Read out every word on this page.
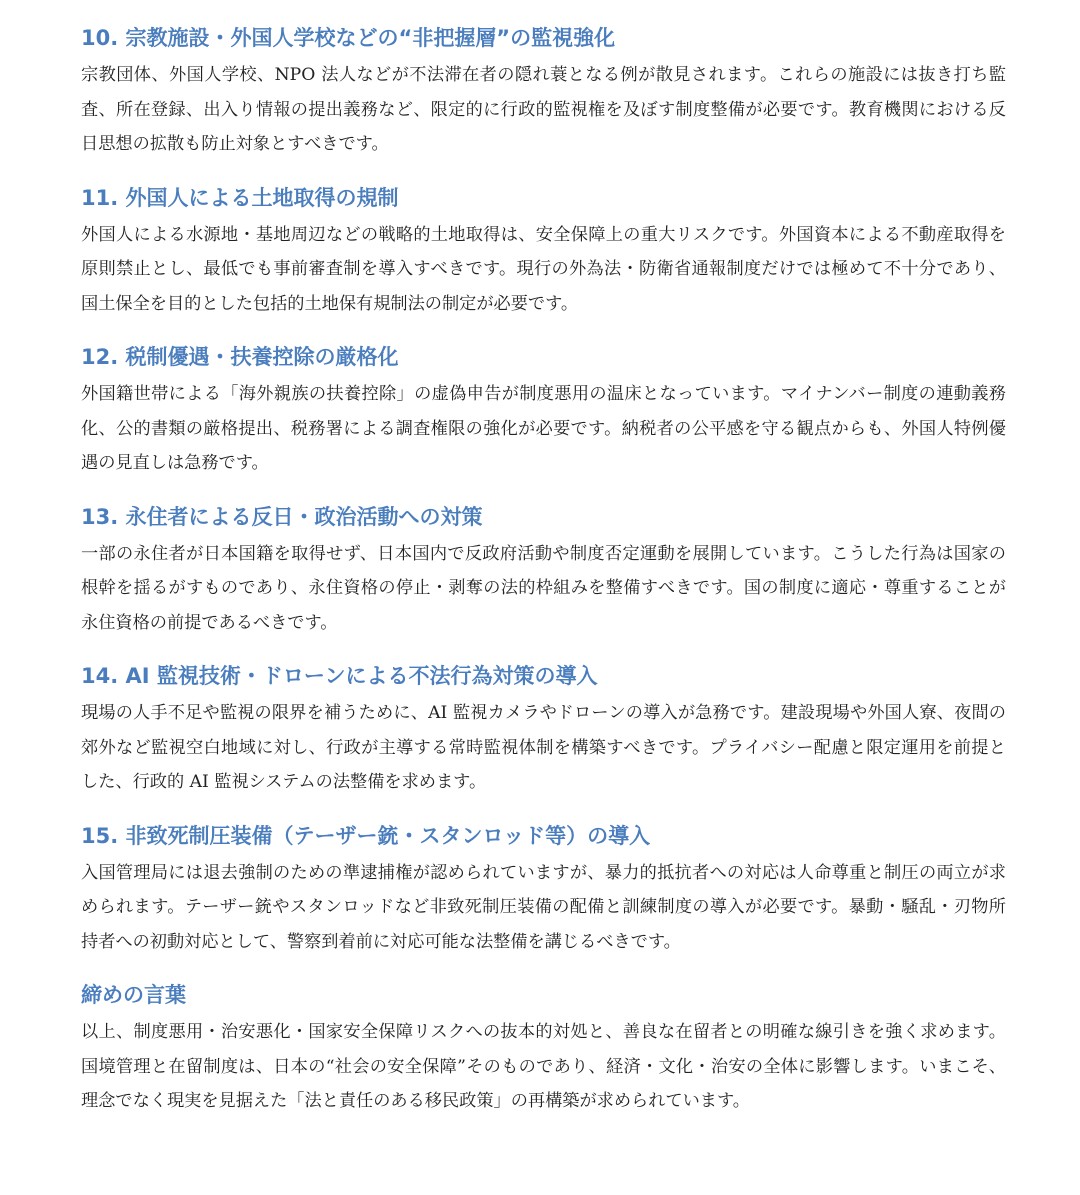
10. 宗教施設・外国人学校などの“非把握層”の監視強化

宗教団体、外国人学校、NPO 法人などが不法滞在者の隠れ蓑となる例が散見されます。これらの施設には抜き打ち監査、所在登録、出入り情報の提出義務など、限定的に行政的監視権を及ぼす制度整備が必要です。教育機関における反日思想の拡散も防止対象とすべきです。

11. 外国人による土地取得の規制

外国人による水源地・基地周辺などの戦略的土地取得は、安全保障上の重大リスクです。外国資本による不動産取得を原則禁止とし、最低でも事前審査制を導入すべきです。現行の外為法・防衛省通報制度だけでは極めて不十分であり、国土保全を目的とした包括的土地保有規制法の制定が必要です。

12. 税制優遇・扶養控除の厳格化

外国籍世帯による「海外親族の扶養控除」の虚偽申告が制度悪用の温床となっています。マイナンバー制度の連動義務化、公的書類の厳格提出、税務署による調査権限の強化が必要です。納税者の公平感を守る観点からも、外国人特例優遇の見直しは急務です。

13. 永住者による反日・政治活動への対策

一部の永住者が日本国籍を取得せず、日本国内で反政府活動や制度否定運動を展開しています。こうした行為は国家の根幹を揺るがすものであり、永住資格の停止・剥奪の法的枠組みを整備すべきです。国の制度に適応・尊重することが永住資格の前提であるべきです。

14. AI 監視技術・ドローンによる不法行為対策の導入

現場の人手不足や監視の限界を補うために、AI 監視カメラやドローンの導入が急務です。建設現場や外国人寮、夜間の郊外など監視空白地域に対し、行政が主導する常時監視体制を構築すべきです。プライバシー配慮と限定運用を前提とした、行政的 AI 監視システムの法整備を求めます。

15. 非致死制圧装備（テーザー銃・スタンロッド等）の導入

入国管理局には退去強制のための準逮捕権が認められていますが、暴力的抵抗者への対応は人命尊重と制圧の両立が求められます。テーザー銃やスタンロッドなど非致死制圧装備の配備と訓練制度の導入が必要です。暴動・騒乱・刃物所持者への初動対応として、警察到着前に対応可能な法整備を講じるべきです。

締めの言葉

以上、制度悪用・治安悪化・国家安全保障リスクへの抜本的対処と、善良な在留者との明確な線引きを強く求めます。国境管理と在留制度は、日本の“社会の安全保障”そのものであり、経済・文化・治安の全体に影響します。いまこそ、理念でなく現実を見据えた「法と責任のある移民政策」の再構築が求められています。
